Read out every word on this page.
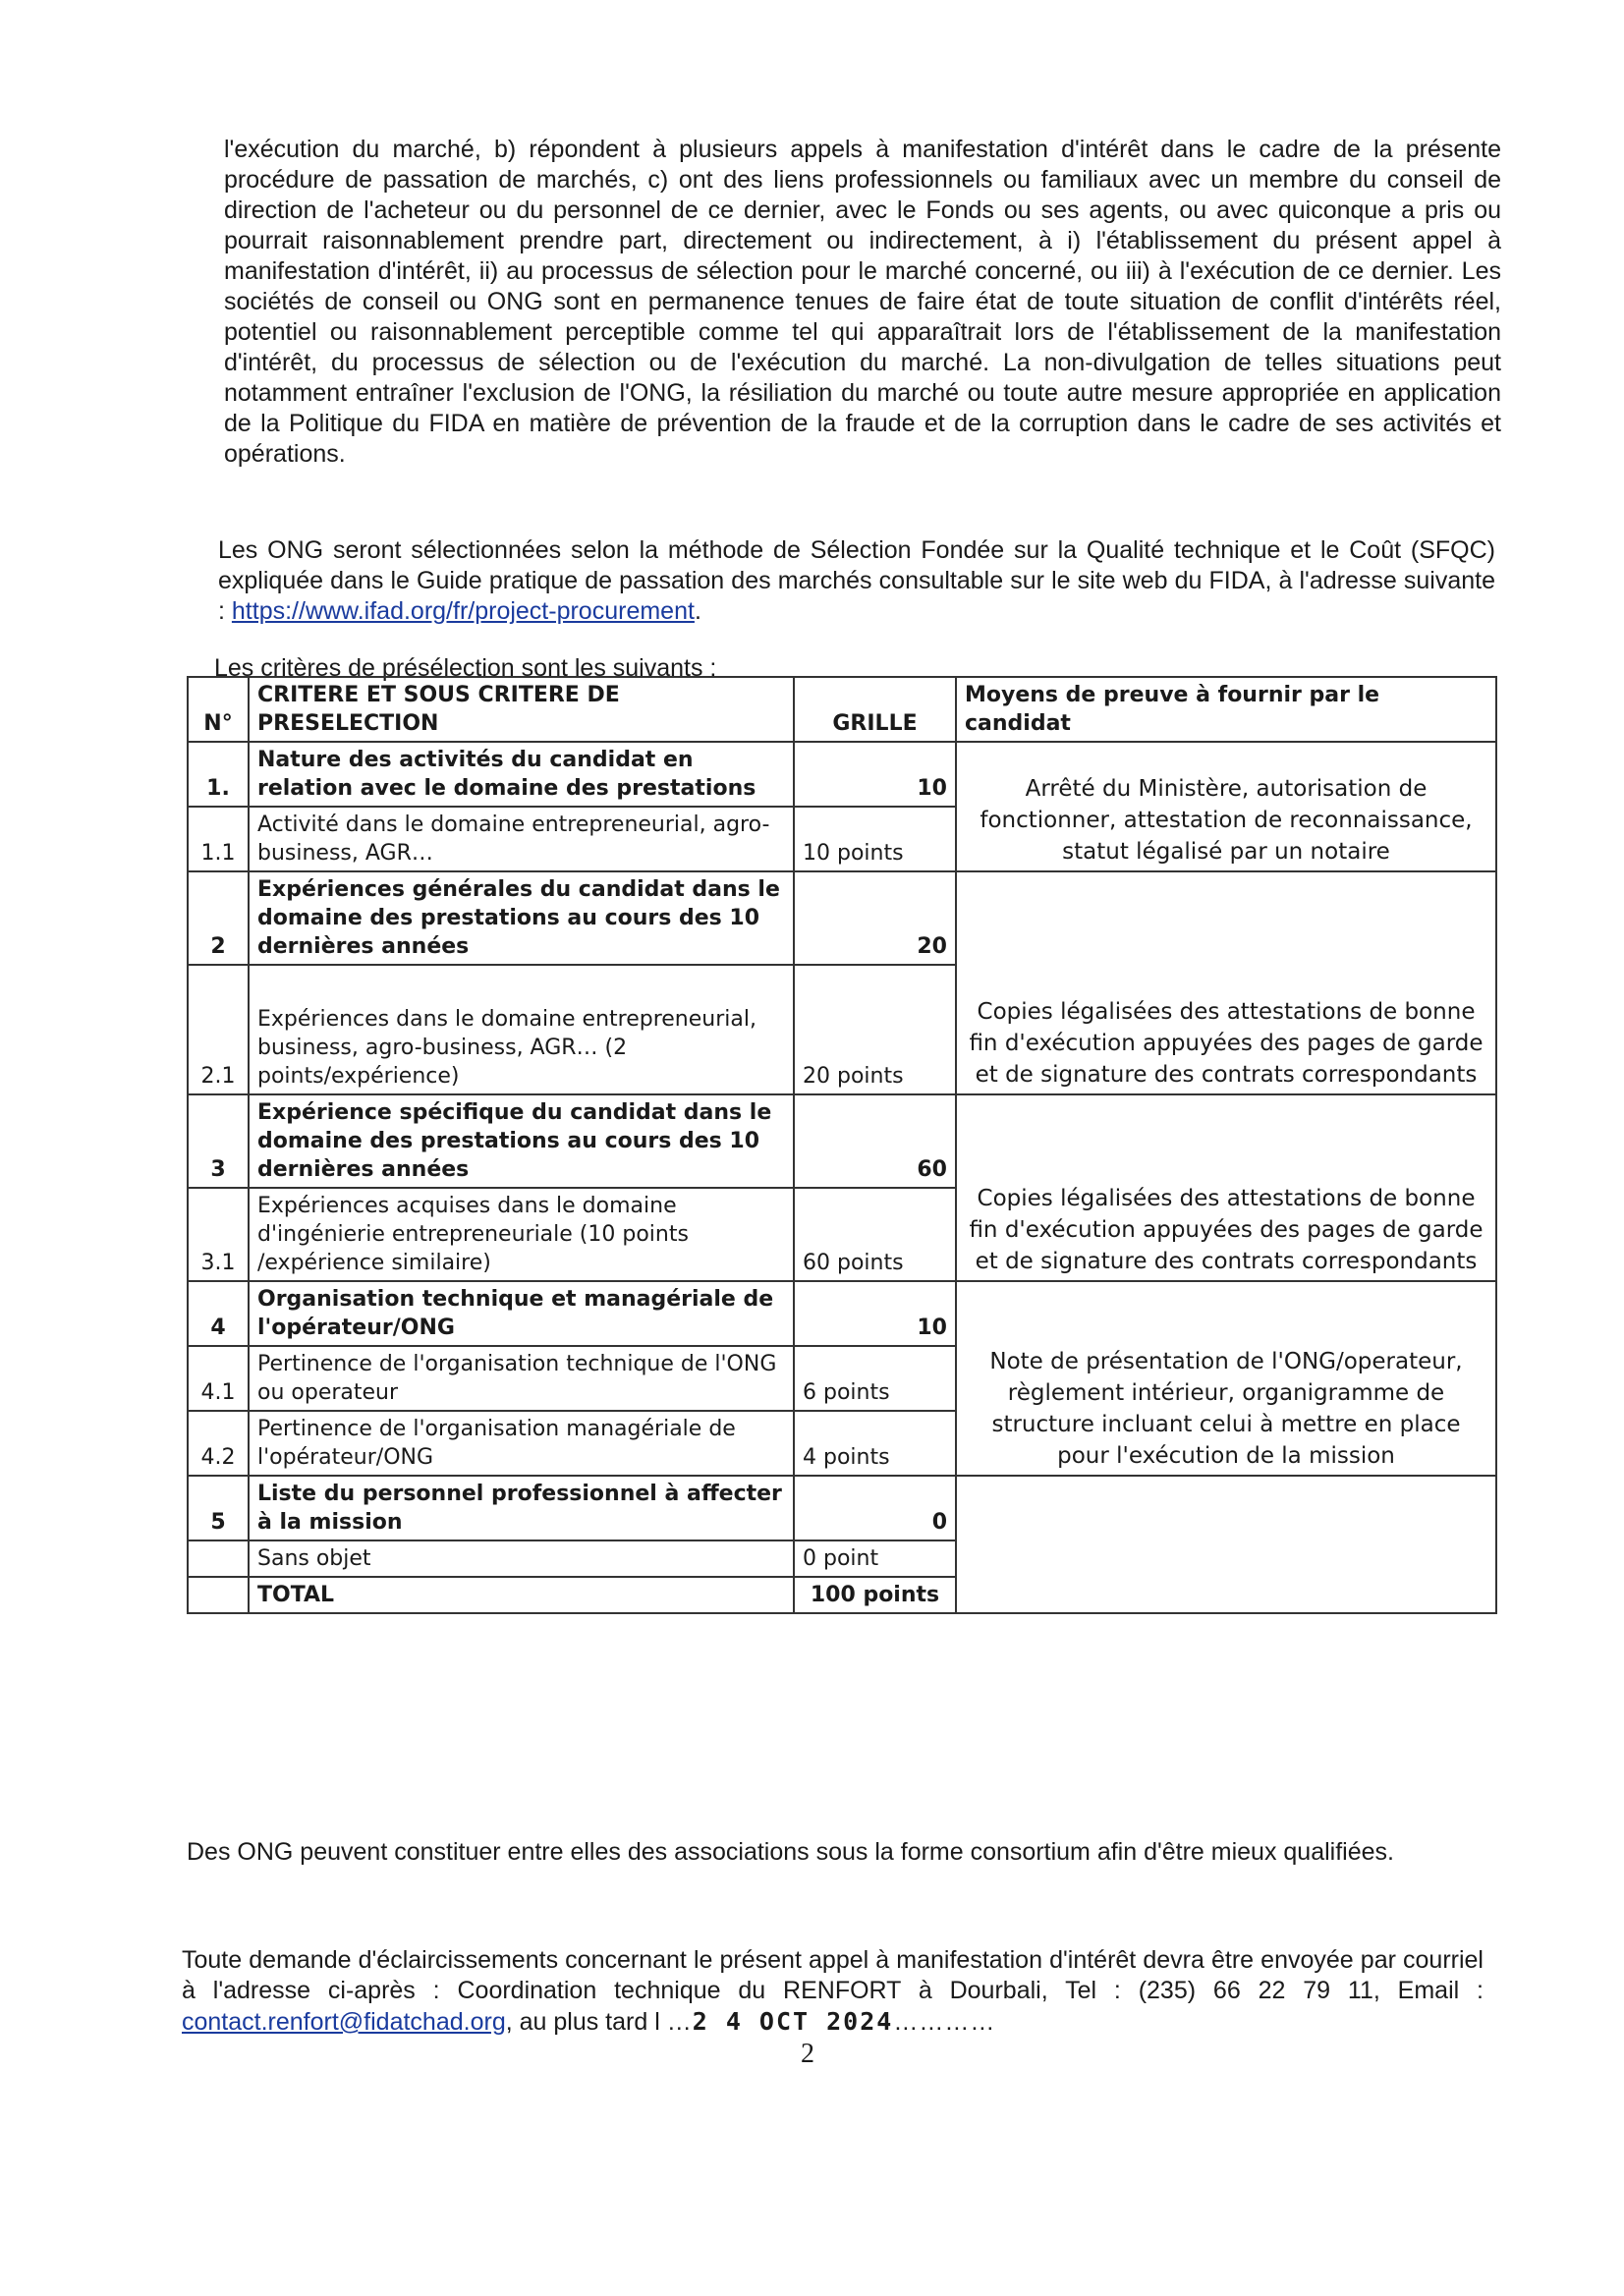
l'exécution du marché, b) répondent à plusieurs appels à manifestation d'intérêt dans le cadre de la présente procédure de passation de marchés, c) ont des liens professionnels ou familiaux avec un membre du conseil de direction de l'acheteur ou du personnel de ce dernier, avec le Fonds ou ses agents, ou avec quiconque a pris ou pourrait raisonnablement prendre part, directement ou indirectement, à i) l'établissement du présent appel à manifestation d'intérêt, ii) au processus de sélection pour le marché concerné, ou iii) à l'exécution de ce dernier. Les sociétés de conseil ou ONG sont en permanence tenues de faire état de toute situation de conflit d'intérêts réel, potentiel ou raisonnablement perceptible comme tel qui apparaîtrait lors de l'établissement de la manifestation d'intérêt, du processus de sélection ou de l'exécution du marché. La non-divulgation de telles situations peut notamment entraîner l'exclusion de l'ONG, la résiliation du marché ou toute autre mesure appropriée en application de la Politique du FIDA en matière de prévention de la fraude et de la corruption dans le cadre de ses activités et opérations.

Les ONG seront sélectionnées selon la méthode de Sélection Fondée sur la Qualité technique et le Coût (SFQC) expliquée dans le Guide pratique de passation des marchés consultable sur le site web du FIDA, à l'adresse suivante : https://www.ifad.org/fr/project-procurement.

Les critères de présélection sont les suivants :

N°	CRITERE ET SOUS CRITERE DE PRESELECTION	GRILLE	Moyens de preuve à fournir par le candidat
1.	Nature des activités du candidat en relation avec le domaine des prestations	10	Arrêté du Ministère, autorisation de fonctionner, attestation de reconnaissance, statut légalisé par un notaire
1.1	Activité dans le domaine entrepreneurial, agro-business, AGR…	10 points	
2	Expériences générales du candidat dans le domaine des prestations au cours des 10 dernières années	20	Copies légalisées des attestations de bonne fin d'exécution appuyées des pages de garde et de signature des contrats correspondants
2.1	Expériences dans le domaine entrepreneurial, business, agro-business, AGR… (2 points/expérience)	20 points	
3	Expérience spécifique du candidat dans le domaine des prestations au cours des 10 dernières années	60	Copies légalisées des attestations de bonne fin d'exécution appuyées des pages de garde et de signature des contrats correspondants
3.1	Expériences acquises dans le domaine d'ingénierie entrepreneuriale (10 points /expérience similaire)	60 points	
4	Organisation technique et managériale de l'opérateur/ONG	10	Note de présentation de l'ONG/operateur, règlement intérieur, organigramme de structure incluant celui à mettre en place pour l'exécution de la mission
4.1	Pertinence de l'organisation technique de l'ONG ou operateur	6 points	
4.2	Pertinence de l'organisation managériale de l'opérateur/ONG	4 points	
5	Liste du personnel professionnel à affecter à la mission	0	
	Sans objet	0 point	
	TOTAL	100 points	

Des ONG peuvent constituer entre elles des associations sous la forme consortium afin d'être mieux qualifiées.

Toute demande d'éclaircissements concernant le présent appel à manifestation d'intérêt devra être envoyée par courriel à l'adresse ci-après : Coordination technique du RENFORT à Dourbali, Tel : (235) 66 22 79 11, Email : contact.renfort@fidatchad.org, au plus tard l …2 4 OCT 2024…………

2
